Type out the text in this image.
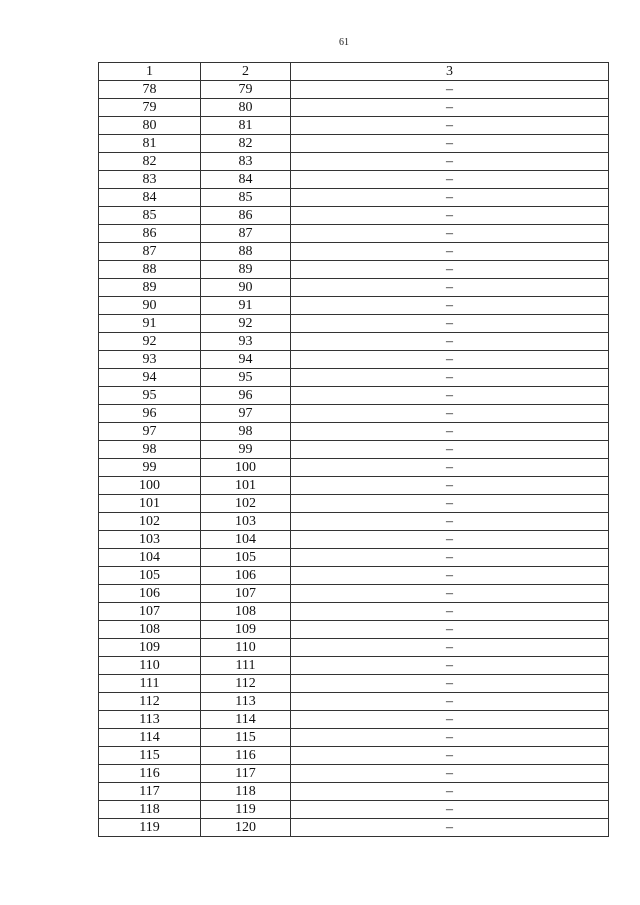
61
1	2	3
78	79	–
79	80	–
80	81	–
81	82	–
82	83	–
83	84	–
84	85	–
85	86	–
86	87	–
87	88	–
88	89	–
89	90	–
90	91	–
91	92	–
92	93	–
93	94	–
94	95	–
95	96	–
96	97	–
97	98	–
98	99	–
99	100	–
100	101	–
101	102	–
102	103	–
103	104	–
104	105	–
105	106	–
106	107	–
107	108	–
108	109	–
109	110	–
110	111	–
111	112	–
112	113	–
113	114	–
114	115	–
115	116	–
116	117	–
117	118	–
118	119	–
119	120	–
